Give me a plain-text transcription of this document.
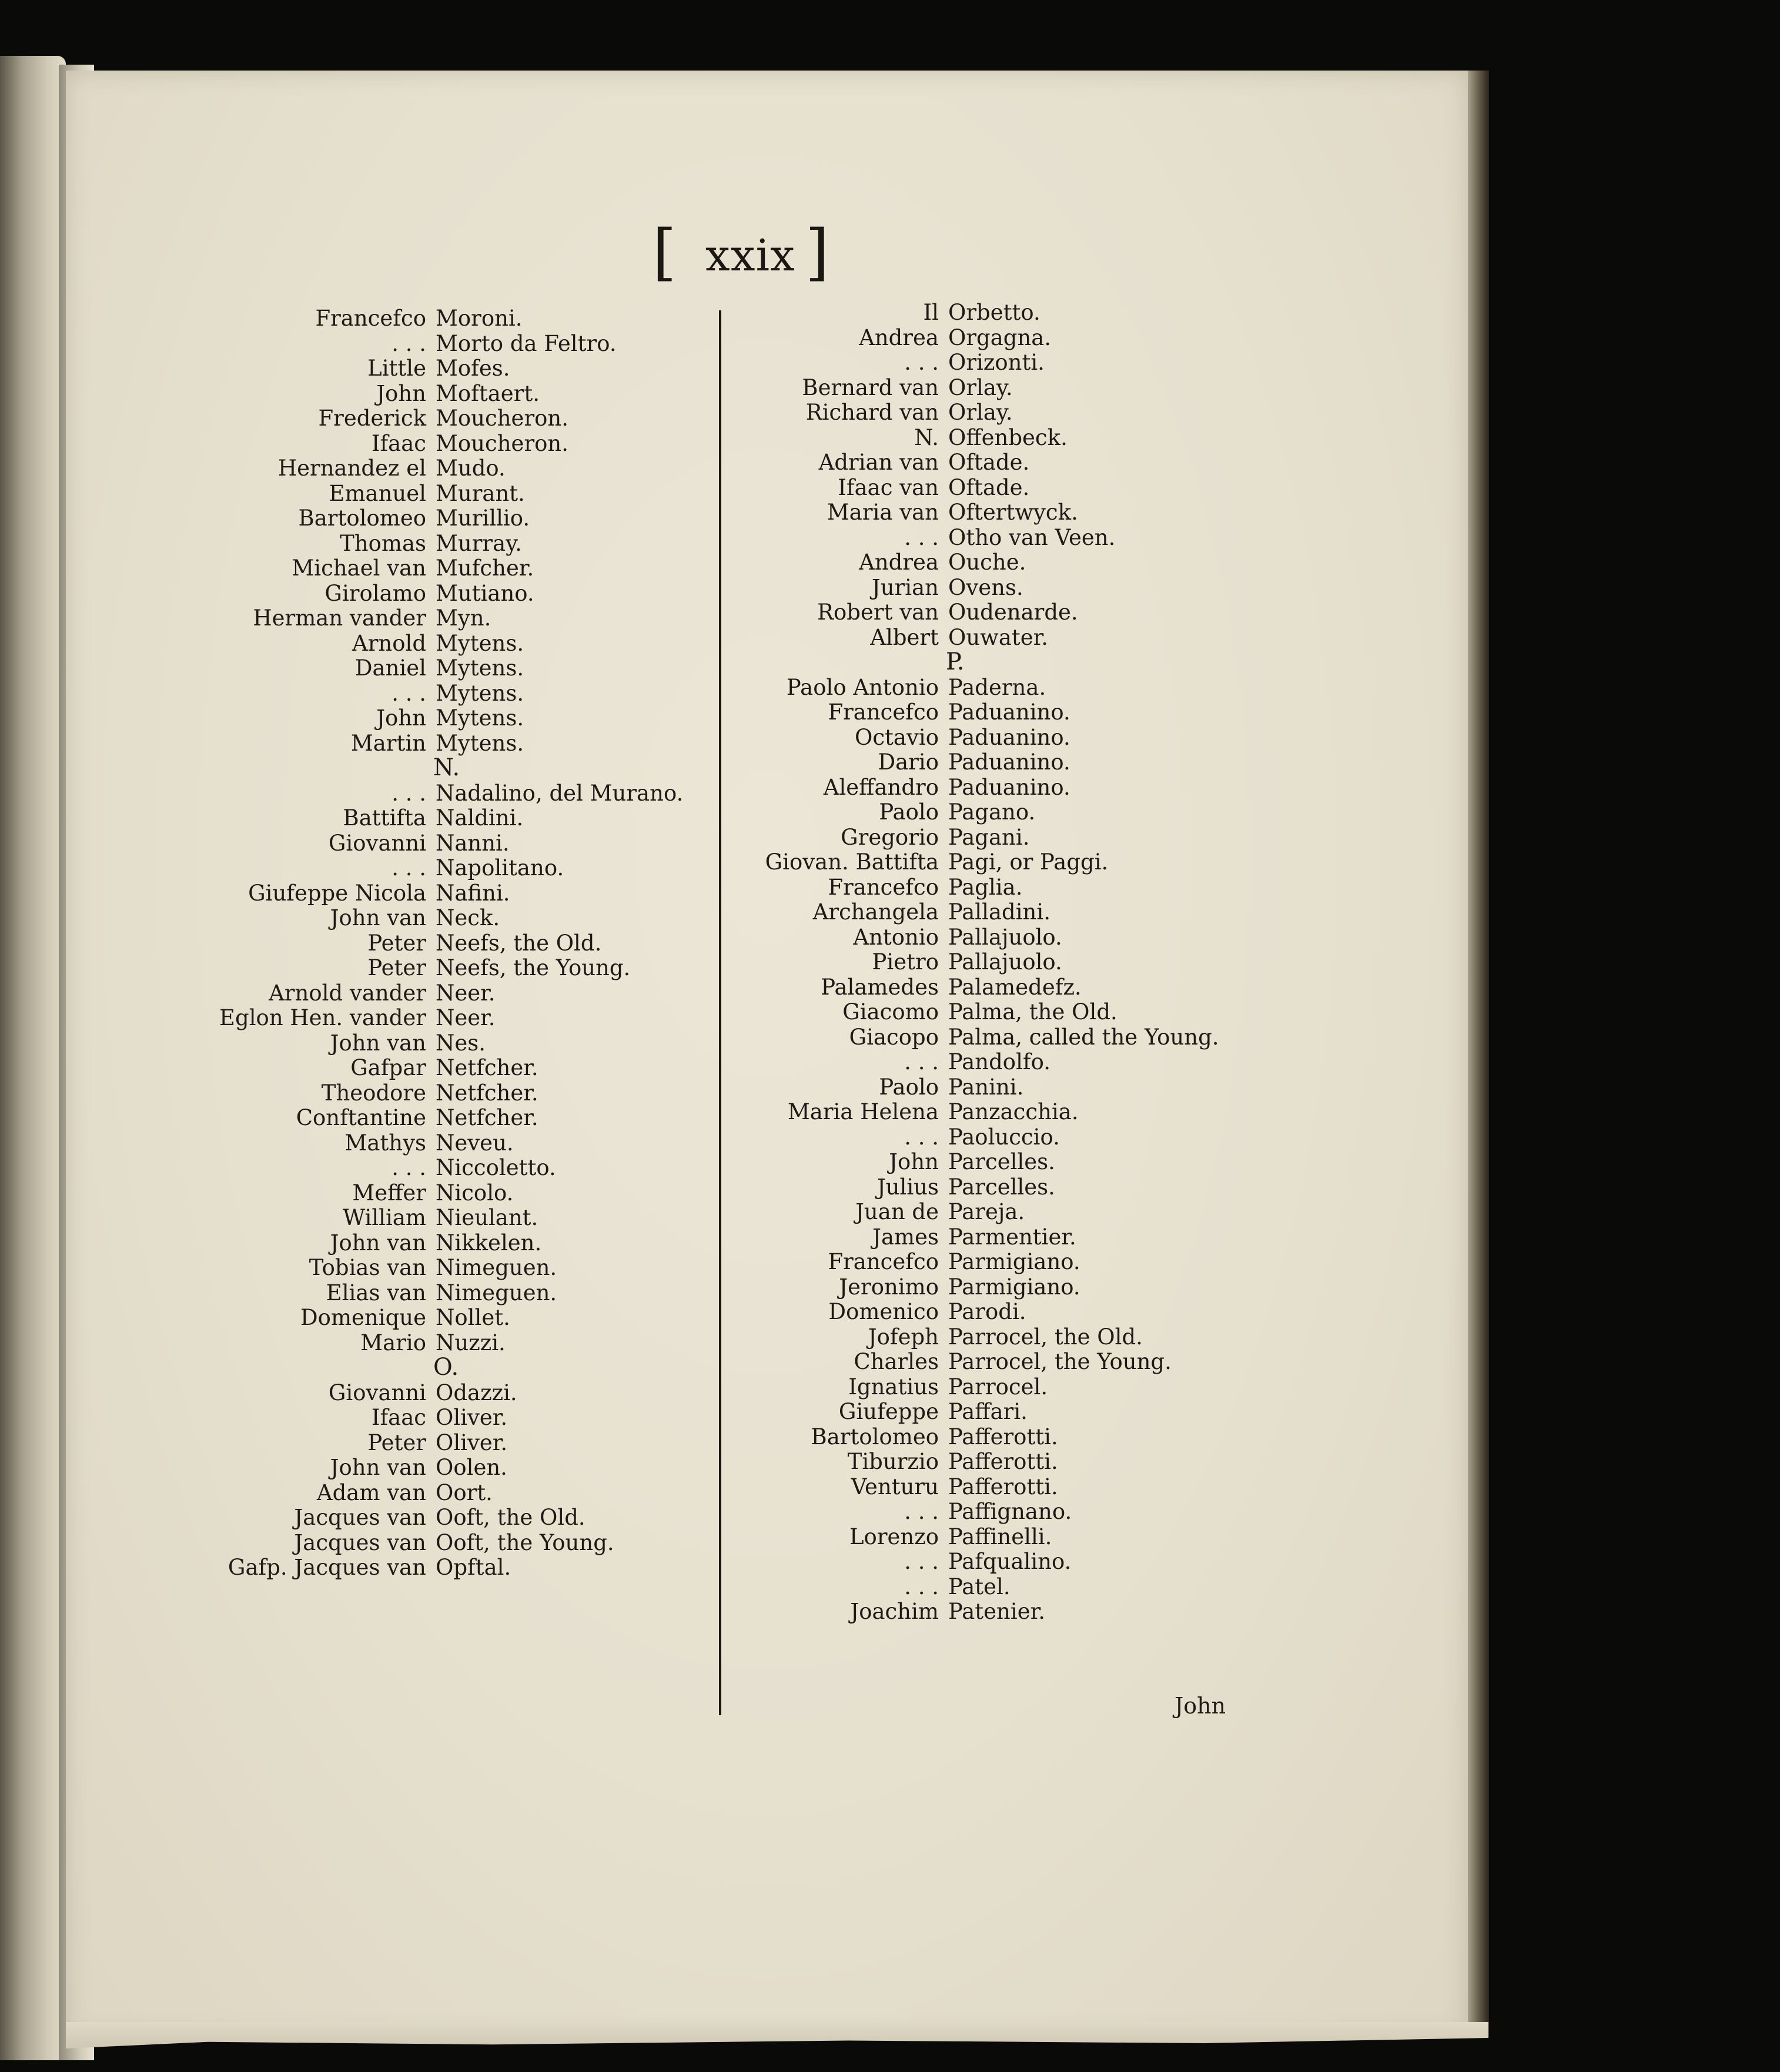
[ xxix ]
Francefco Moroni.
. . . Morto da Feltro.
Little Mofes.
John Moftaert.
Frederick Moucheron.
Ifaac Moucheron.
Hernandez el Mudo.
Emanuel Murant.
Bartolomeo Murillio.
Thomas Murray.
Michael van Mufcher.
Girolamo Mutiano.
Herman vander Myn.
Arnold Mytens.
Daniel Mytens.
. . . Mytens.
John Mytens.
Martin Mytens.
N.
. . . Nadalino, del Murano.
Battifta Naldini.
Giovanni Nanni.
. . . Napolitano.
Giufeppe Nicola Nafini.
John van Neck.
Peter Neefs, the Old.
Peter Neefs, the Young.
Arnold vander Neer.
Eglon Hen. vander Neer.
John van Nes.
Gafpar Netfcher.
Theodore Netfcher.
Conftantine Netfcher.
Mathys Neveu.
. . . Niccoletto.
Meffer Nicolo.
William Nieulant.
John van Nikkelen.
Tobias van Nimeguen.
Elias van Nimeguen.
Domenique Nollet.
Mario Nuzzi.
O.
Giovanni Odazzi.
Ifaac Oliver.
Peter Oliver.
John van Oolen.
Adam van Oort.
Jacques van Ooft, the Old.
Jacques van Ooft, the Young.
Gafp. Jacques van Opftal.
Il Orbetto.
Andrea Orgagna.
. . . Orizonti.
Bernard van Orlay.
Richard van Orlay.
N. Offenbeck.
Adrian van Oftade.
Ifaac van Oftade.
Maria van Oftertwyck.
. . . Otho van Veen.
Andrea Ouche.
Jurian Ovens.
Robert van Oudenarde.
Albert Ouwater.
P.
Paolo Antonio Paderna.
Francefco Paduanino.
Octavio Paduanino.
Dario Paduanino.
Aleffandro Paduanino.
Paolo Pagano.
Gregorio Pagani.
Giovan. Battifta Pagi, or Paggi.
Francefco Paglia.
Archangela Palladini.
Antonio Pallajuolo.
Pietro Pallajuolo.
Palamedes Palamedefz.
Giacomo Palma, the Old.
Giacopo Palma, called the Young.
. . . Pandolfo.
Paolo Panini.
Maria Helena Panzacchia.
. . . Paoluccio.
John Parcelles.
Julius Parcelles.
Juan de Pareja.
James Parmentier.
Francefco Parmigiano.
Jeronimo Parmigiano.
Domenico Parodi.
Jofeph Parrocel, the Old.
Charles Parrocel, the Young.
Ignatius Parrocel.
Giufeppe Paffari.
Bartolomeo Pafferotti.
Tiburzio Pafferotti.
Venturu Pafferotti.
. . . Paffignano.
Lorenzo Paffinelli.
. . . Pafqualino.
. . . Patel.
Joachim Patenier.
John
